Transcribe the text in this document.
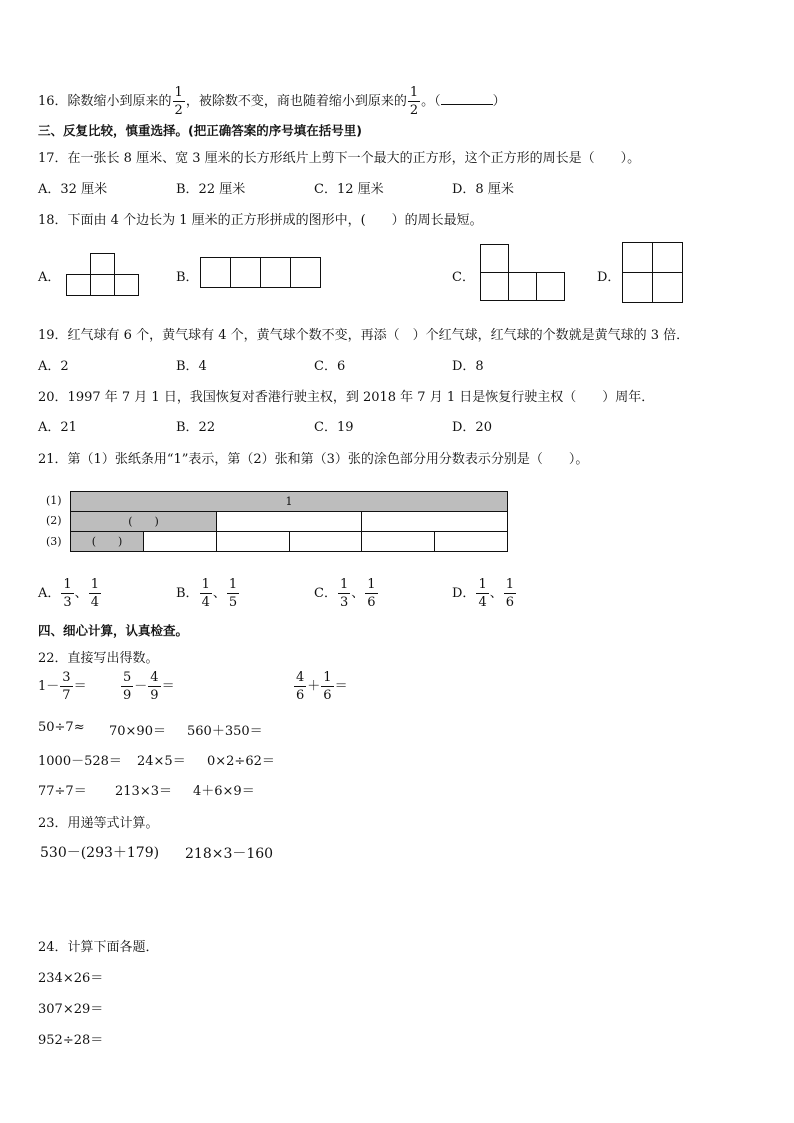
16．除数缩小到原来的 $\frac{1}{2}$ ，被除数不变，商也随着缩小到原来的 $\frac{1}{2}$ 。（	）
三、反复比较，慎重选择。(把正确答案的序号填在括号里)
17．在一张长 8 厘米、宽 3 厘米的长方形纸片上剪下一个最大的正方形，这个正方形的周长是（　　）。
A．32 厘米	B．22 厘米	C．12 厘米	D．8 厘米
18．下面由 4 个边长为 1 厘米的正方形拼成的图形中，(　　）的周长最短。
A．	B．	C．	D．
19．红气球有 6 个，黄气球有 4 个，黄气球个数不变，再添（　）个红气球，红气球的个数就是黄气球的 3 倍．
A．2	B．4	C．6	D．8
20．1997 年 7 月 1 日，我国恢复对香港行驶主权，到 2018 年 7 月 1 日是恢复行驶主权（　　）周年．
A．21	B．22	C．19	D．20
21．第（1）张纸条用“1”表示，第（2）张和第（3）张的涂色部分用分数表示分别是（　　）。
(1)
(2)
(3)
1
(　　)
(　　)
A． $\frac{1}{3}$ 、 $\frac{1}{4}$	B． $\frac{1}{4}$ 、 $\frac{1}{5}$	C． $\frac{1}{3}$ 、 $\frac{1}{6}$	D． $\frac{1}{4}$ 、 $\frac{1}{6}$
四、细心计算，认真检查。
22．直接写出得数。
$1- \frac{3}{7}$ ＝	$\frac{5}{9} - \frac{4}{9}$ ＝	$\frac{4}{6} + \frac{1}{6}$ ＝
50÷7≈ 70×90＝ 560＋350＝
1000－528＝ 24×5＝ 0×2÷62＝
77÷7＝ 213×3＝ 4＋6×9＝
23．用递等式计算。
530－(293＋179) 218×3－160
24．计算下面各题．
234×26＝
307×29＝
952÷28＝
